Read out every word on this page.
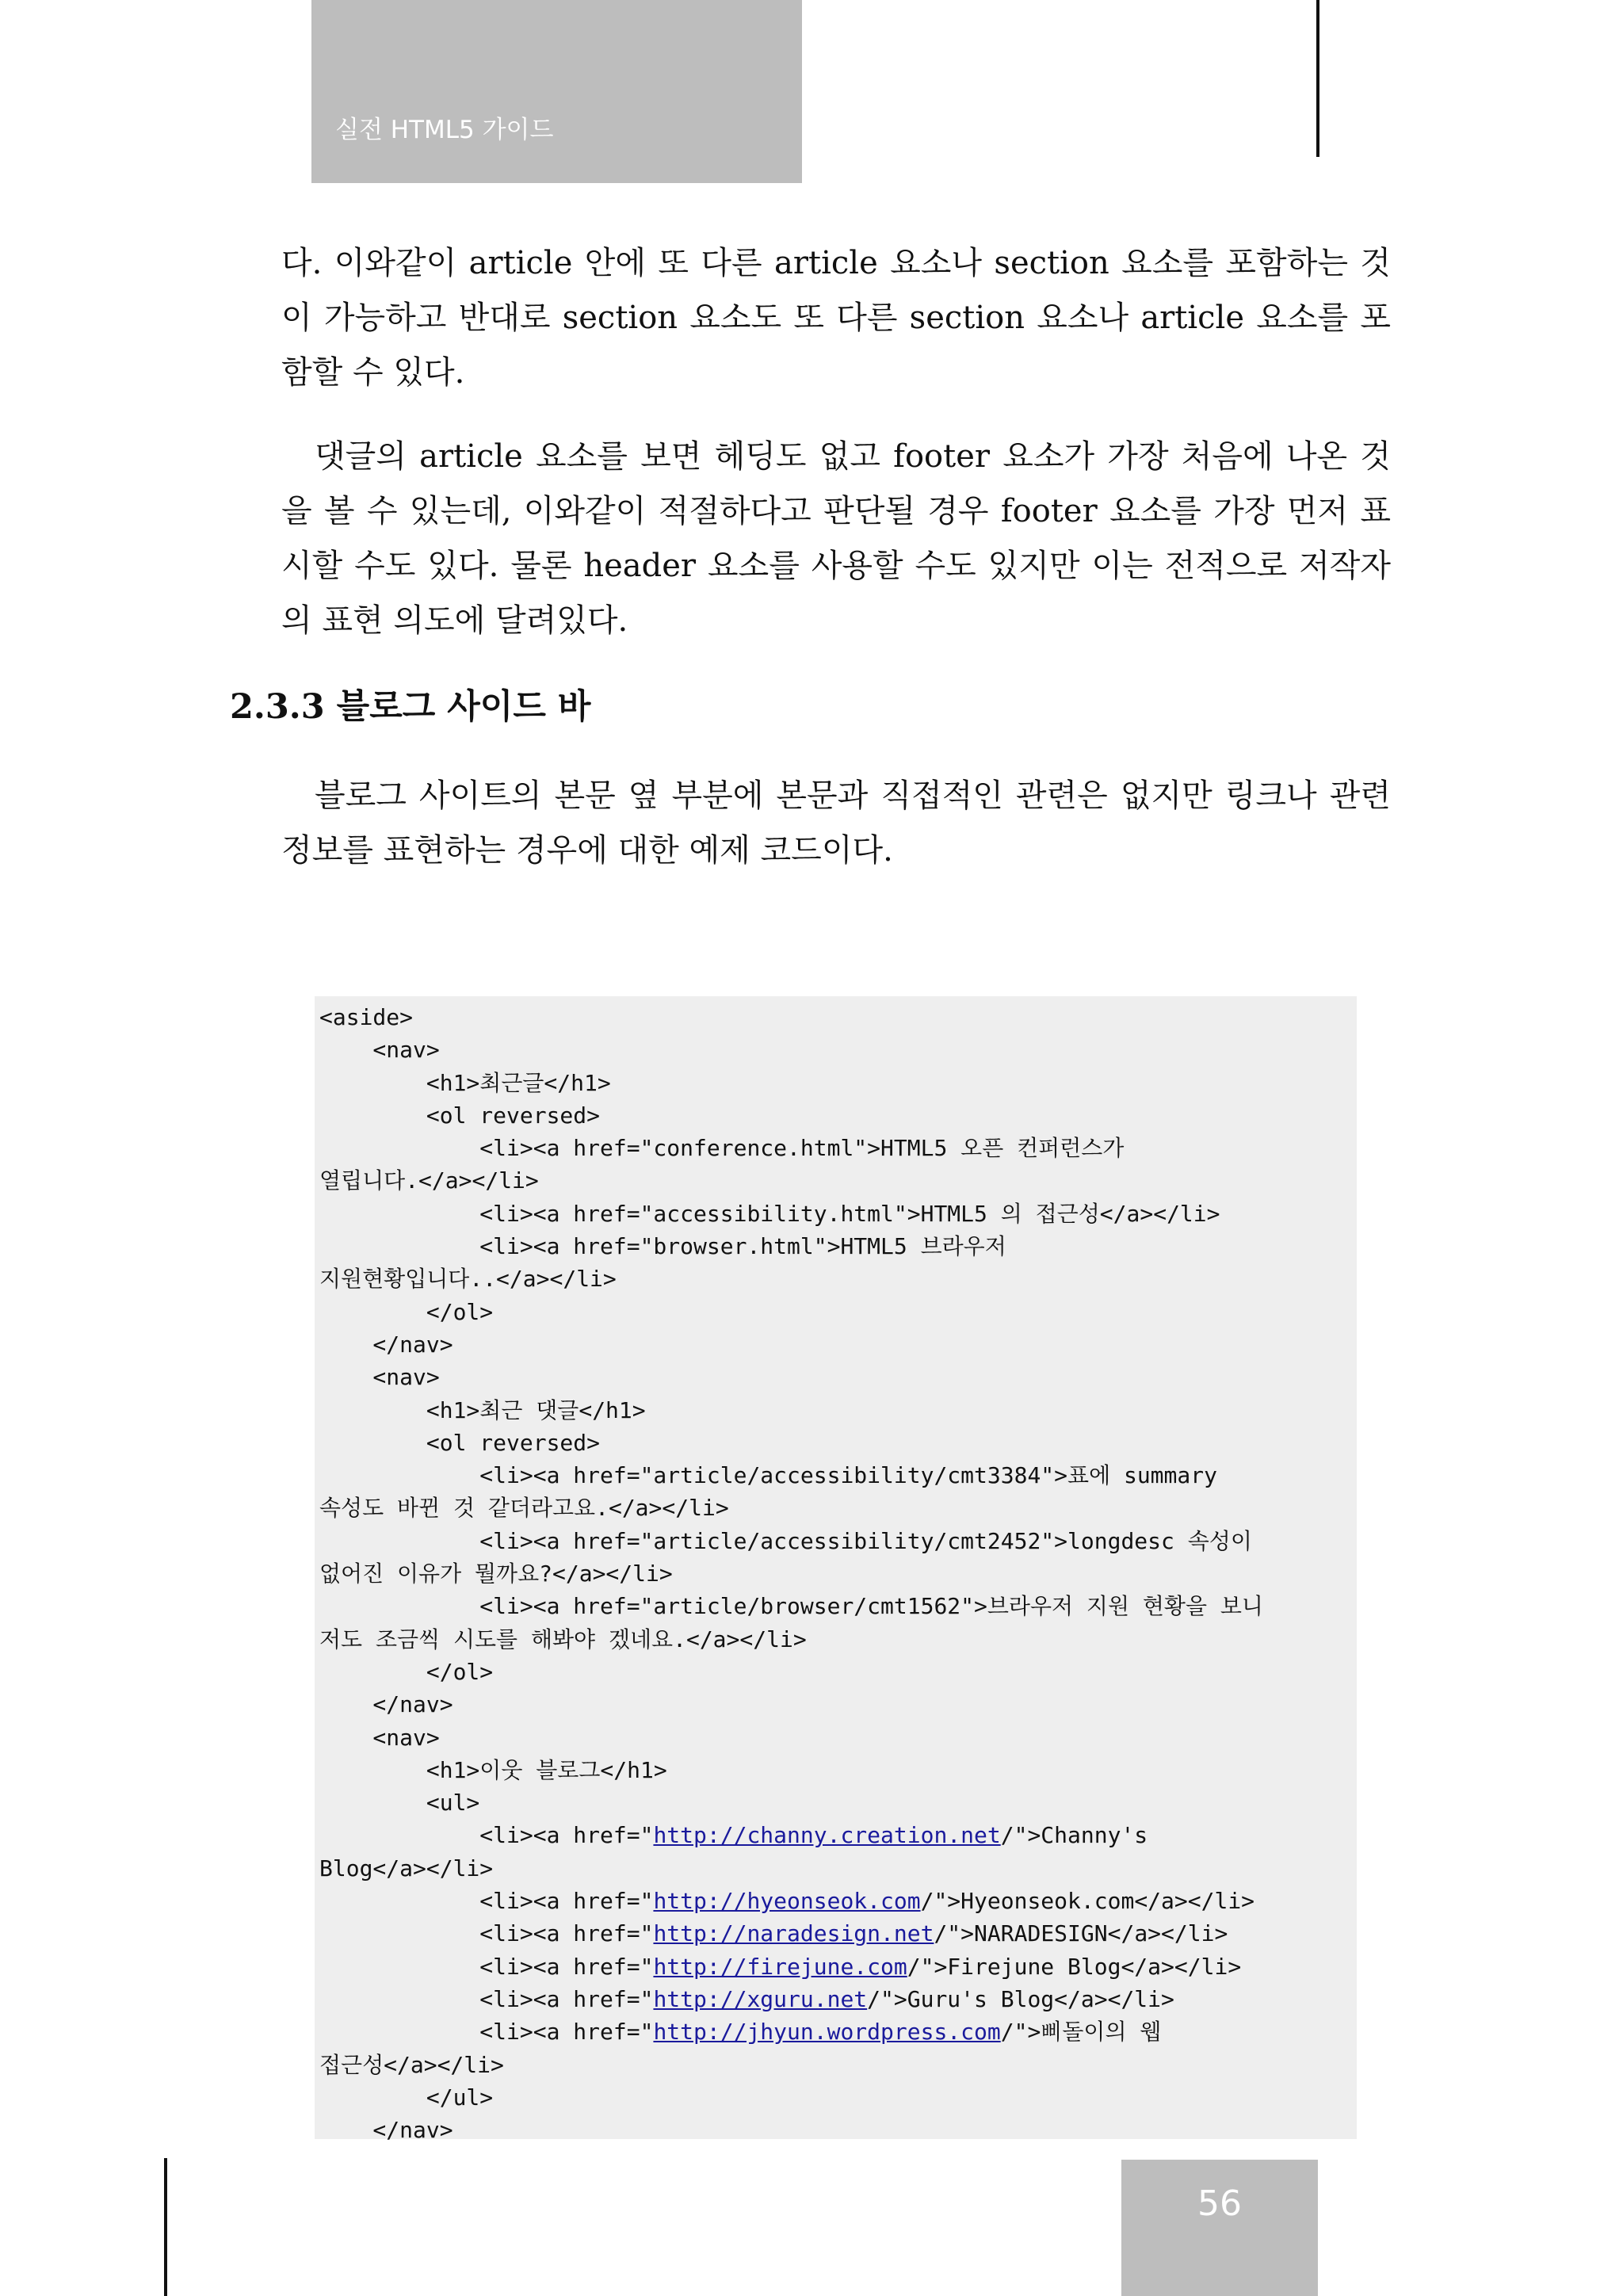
실전 HTML5 가이드

다. 이와같이 article 안에 또 다른 article 요소나 section 요소를 포함하는 것이 가능하고 반대로 section 요소도 또 다른 section 요소나 article 요소를 포함할 수 있다.

댓글의 article 요소를 보면 헤딩도 없고 footer 요소가 가장 처음에 나온 것을 볼 수 있는데, 이와같이 적절하다고 판단될 경우 footer 요소를 가장 먼저 표시할 수도 있다. 물론 header 요소를 사용할 수도 있지만 이는 전적으로 저작자의 표현 의도에 달려있다.

2.3.3 블로그 사이드 바

블로그 사이트의 본문 옆 부분에 본문과 직접적인 관련은 없지만 링크나 관련 정보를 표현하는 경우에 대한 예제 코드이다.

<aside>
<nav>
<h1>최근글</h1>
<ol reversed>
<li><a href="conference.html">HTML5 오픈 컨퍼런스가
열립니다.</a></li>
<li><a href="accessibility.html">HTML5 의 접근성</a></li>
<li><a href="browser.html">HTML5 브라우저
지원현황입니다..</a></li>
</ol>
</nav>
<nav>
<h1>최근 댓글</h1>
<ol reversed>
<li><a href="article/accessibility/cmt3384">표에 summary
속성도 바뀐 것 같더라고요.</a></li>
<li><a href="article/accessibility/cmt2452">longdesc 속성이
없어진 이유가 뭘까요?</a></li>
<li><a href="article/browser/cmt1562">브라우저 지원 현황을 보니
저도 조금씩 시도를 해봐야 겠네요.</a></li>
</ol>
</nav>
<nav>
<h1>이웃 블로그</h1>
<ul>
<li><a href="http://channy.creation.net/">Channy's
Blog</a></li>
<li><a href="http://hyeonseok.com/">Hyeonseok.com</a></li>
<li><a href="http://naradesign.net/">NARADESIGN</a></li>
<li><a href="http://firejune.com/">Firejune Blog</a></li>
<li><a href="http://xguru.net/">Guru's Blog</a></li>
<li><a href="http://jhyun.wordpress.com/">삐돌이의 웹
접근성</a></li>
</ul>
</nav>
56
